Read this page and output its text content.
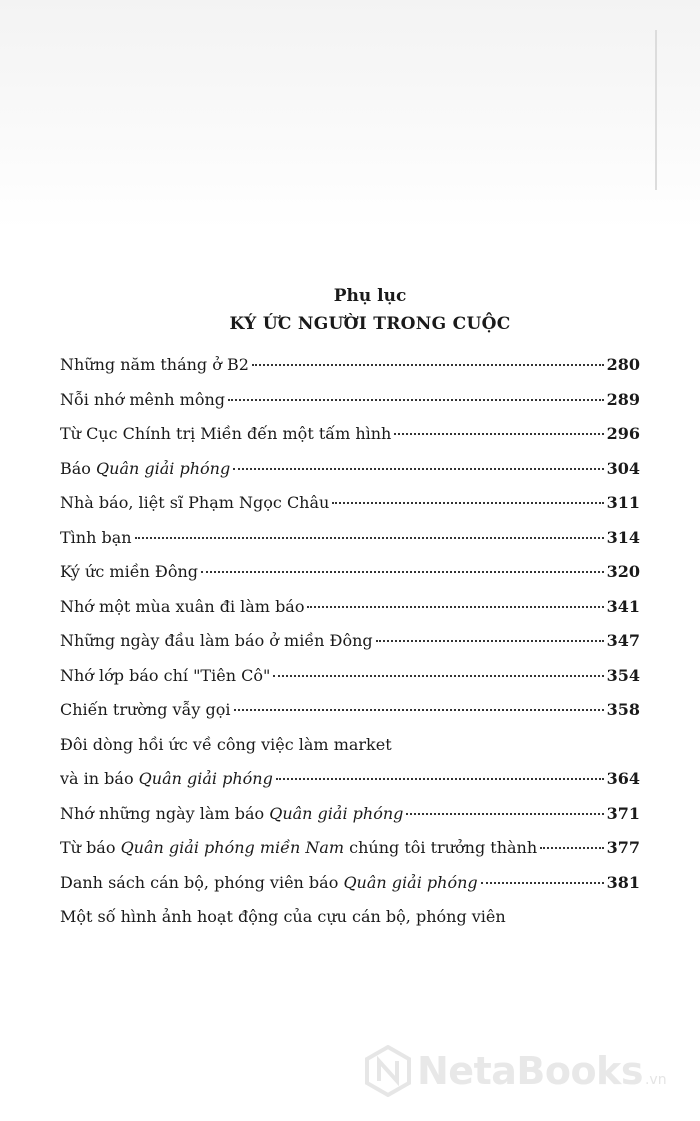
Phụ lục
KÝ ỨC NGƯỜI TRONG CUỘC
Những năm tháng ở B2	280
Nỗi nhớ mênh mông	289
Từ Cục Chính trị Miền đến một tấm hình	296
Báo Quân giải phóng	304
Nhà báo, liệt sĩ Phạm Ngọc Châu	311
Tình bạn	314
Ký ức miền Đông	320
Nhớ một mùa xuân đi làm báo	341
Những ngày đầu làm báo ở miền Đông	347
Nhớ lớp báo chí "Tiên Cô"	354
Chiến trường vẫy gọi	358
Đôi dòng hồi ức về công việc làm market
và in báo Quân giải phóng	364
Nhớ những ngày làm báo Quân giải phóng	371
Từ báo Quân giải phóng miền Nam chúng tôi trưởng thành	377
Danh sách cán bộ, phóng viên báo Quân giải phóng	381
Một số hình ảnh hoạt động của cựu cán bộ, phóng viên
NetaBooks .vn
